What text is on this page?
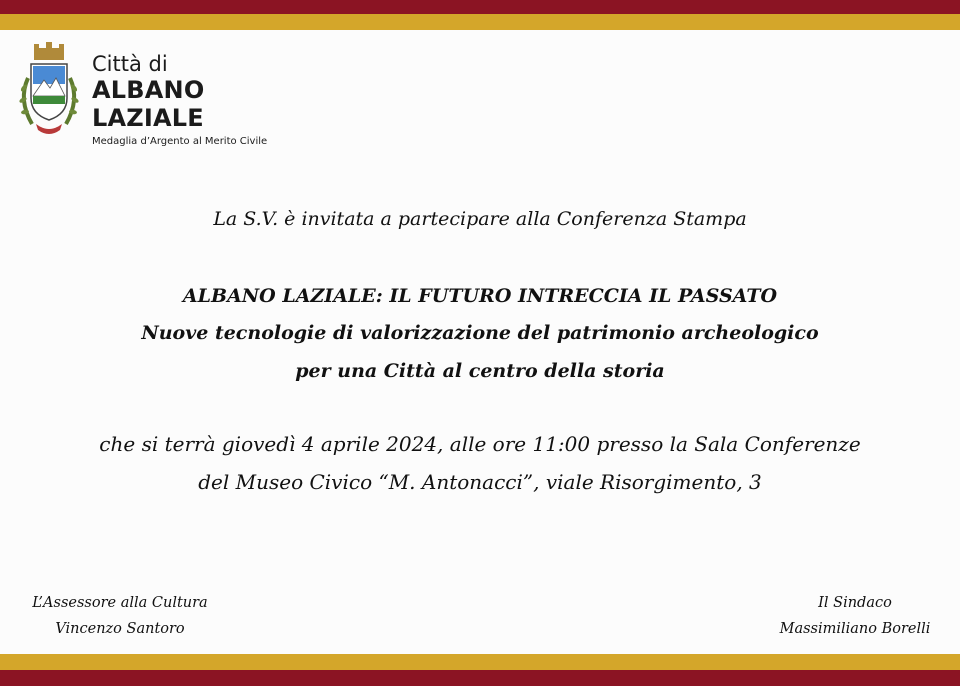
Città di
ALBANO LAZIALE
Medaglia d’Argento al Merito Civile
La S.V. è invitata a partecipare alla Conferenza Stampa
ALBANO LAZIALE: IL FUTURO INTRECCIA IL PASSATO
Nuove tecnologie di valorizzazione del patrimonio archeologico
per una Città al centro della storia
che si terrà giovedì 4 aprile 2024, alle ore 11:00 presso la Sala Conferenze
del Museo Civico “M. Antonacci”, viale Risorgimento, 3
L’Assessore alla Cultura
Vincenzo Santoro
Il Sindaco
Massimiliano Borelli
